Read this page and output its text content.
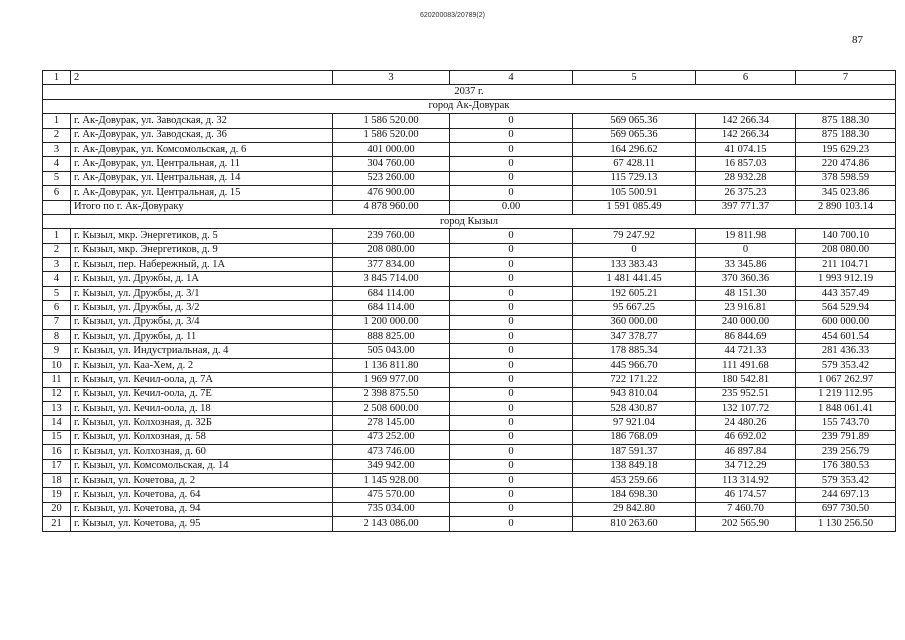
620200083/20789(2)
87
1	2	3	4	5	6	7
2037 г.						
город Ак-Довурак						
1	г. Ак-Довурак, ул. Заводская, д. 32	1 586 520.00	0	569 065.36	142 266.34	875 188.30
2	г. Ак-Довурак, ул. Заводская, д. 36	1 586 520.00	0	569 065.36	142 266.34	875 188.30
3	г. Ак-Довурак, ул. Комсомольская, д. 6	401 000.00	0	164 296.62	41 074.15	195 629.23
4	г. Ак-Довурак, ул. Центральная, д. 11	304 760.00	0	67 428.11	16 857.03	220 474.86
5	г. Ак-Довурак, ул. Центральная, д. 14	523 260.00	0	115 729.13	28 932.28	378 598.59
6	г. Ак-Довурак, ул. Центральная, д. 15	476 900.00	0	105 500.91	26 375.23	345 023.86
	Итого по г. Ак-Довураку	4 878 960.00	0.00	1 591 085.49	397 771.37	2 890 103.14
город Кызыл						
1	г. Кызыл, мкр. Энергетиков, д. 5	239 760.00	0	79 247.92	19 811.98	140 700.10
2	г. Кызыл, мкр. Энергетиков, д. 9	208 080.00	0	0	0	208 080.00
3	г. Кызыл, пер. Набережный, д. 1А	377 834.00	0	133 383.43	33 345.86	211 104.71
4	г. Кызыл, ул. Дружбы, д. 1А	3 845 714.00	0	1 481 441.45	370 360.36	1 993 912.19
5	г. Кызыл, ул. Дружбы, д. 3/1	684 114.00	0	192 605.21	48 151.30	443 357.49
6	г. Кызыл, ул. Дружбы, д. 3/2	684 114.00	0	95 667.25	23 916.81	564 529.94
7	г. Кызыл, ул. Дружбы, д. 3/4	1 200 000.00	0	360 000.00	240 000.00	600 000.00
8	г. Кызыл, ул. Дружбы, д. 11	888 825.00	0	347 378.77	86 844.69	454 601.54
9	г. Кызыл, ул. Индустриальная, д. 4	505 043.00	0	178 885.34	44 721.33	281 436.33
10	г. Кызыл, ул. Каа-Хем, д. 2	1 136 811.80	0	445 966.70	111 491.68	579 353.42
11	г. Кызыл, ул. Кечил-оола, д. 7А	1 969 977.00	0	722 171.22	180 542.81	1 067 262.97
12	г. Кызыл, ул. Кечил-оола, д. 7Е	2 398 875.50	0	943 810.04	235 952.51	1 219 112.95
13	г. Кызыл, ул. Кечил-оола, д. 18	2 508 600.00	0	528 430.87	132 107.72	1 848 061.41
14	г. Кызыл, ул. Колхозная, д. 32Б	278 145.00	0	97 921.04	24 480.26	155 743.70
15	г. Кызыл, ул. Колхозная, д. 58	473 252.00	0	186 768.09	46 692.02	239 791.89
16	г. Кызыл, ул. Колхозная, д. 60	473 746.00	0	187 591.37	46 897.84	239 256.79
17	г. Кызыл, ул. Комсомольская, д. 14	349 942.00	0	138 849.18	34 712.29	176 380.53
18	г. Кызыл, ул. Кочетова, д. 2	1 145 928.00	0	453 259.66	113 314.92	579 353.42
19	г. Кызыл, ул. Кочетова, д. 64	475 570.00	0	184 698.30	46 174.57	244 697.13
20	г. Кызыл, ул. Кочетова, д. 94	735 034.00	0	29 842.80	7 460.70	697 730.50
21	г. Кызыл, ул. Кочетова, д. 95	2 143 086.00	0	810 263.60	202 565.90	1 130 256.50
